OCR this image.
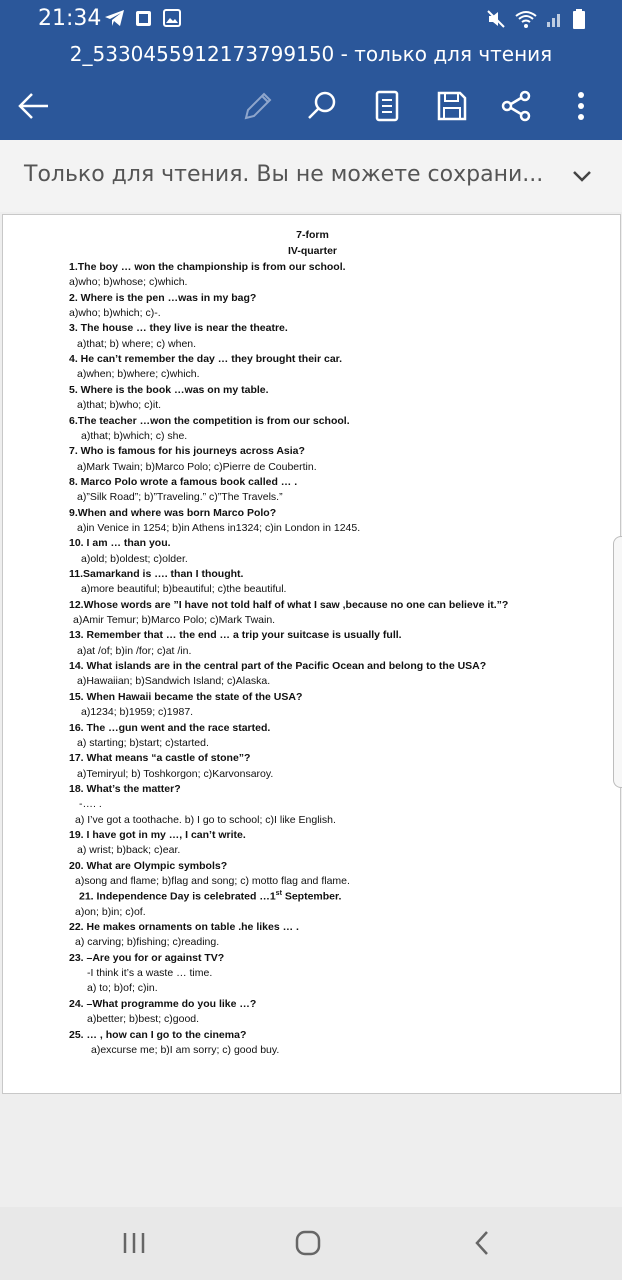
21:34
2_5330455912173799150 - только для чтения
Только для чтения. Вы не можете сохрани...
7-form
IV-quarter
1.The boy … won the championship is from our school.
a)who; b)whose; c)which.
2. Where is the pen …was in my bag?
a)who; b)which; c)-.
3. The house … they live is near the theatre.
a)that; b) where; c) when.
4. He can’t remember the day … they brought their car.
a)when; b)where; c)which.
5. Where is the book …was on my table.
a)that; b)who; c)it.
6.The teacher …won the competition is from our school.
a)that; b)which; c) she.
7. Who is famous for his journeys across Asia?
a)Mark Twain; b)Marco Polo; c)Pierre de Coubertin.
8. Marco Polo wrote a famous book called … .
a)”Silk Road”; b)”Traveling.” c)”The Travels.”
9.When and where was born Marco Polo?
a)in Venice in 1254; b)in Athens in1324; c)in London in 1245.
10. I am … than you.
a)old; b)oldest; c)older.
11.Samarkand is …. than I thought.
a)more beautiful; b)beautiful; c)the beautiful.
12.Whose words are ”I have not told half of what I saw ,because no one can believe it.”?
a)Amir Temur; b)Marco Polo; c)Mark Twain.
13. Remember that … the end … a trip your suitcase is usually full.
a)at /of; b)in /for; c)at /in.
14. What islands are in the central part of the Pacific Ocean and belong to the USA?
a)Hawaiian; b)Sandwich Island; c)Alaska.
15. When Hawaii became the state of the USA?
a)1234; b)1959; c)1987.
16. The …gun went and the race started.
a) starting; b)start; c)started.
17. What means “a castle of stone”?
a)Temiryul; b) Toshkorgon; c)Karvonsaroy.
18. What’s the matter?
-…. .
a) I’ve got a toothache. b) I go to school; c)I like English.
19. I have got in my …, I can’t write.
a) wrist; b)back; c)ear.
20. What are Olympic symbols?
a)song and flame; b)flag and song; c) motto flag and flame.
21. Independence Day is celebrated …1st September.
a)on; b)in; c)of.
22. He makes ornaments on table .he likes … .
a) carving; b)fishing; c)reading.
23. –Are you for or against TV?
-I think it’s a waste … time.
a) to; b)of; c)in.
24. –What programme do you like …?
a)better; b)best; c)good.
25. … , how can I go to the cinema?
a)excurse me; b)I am sorry; c) good buy.
